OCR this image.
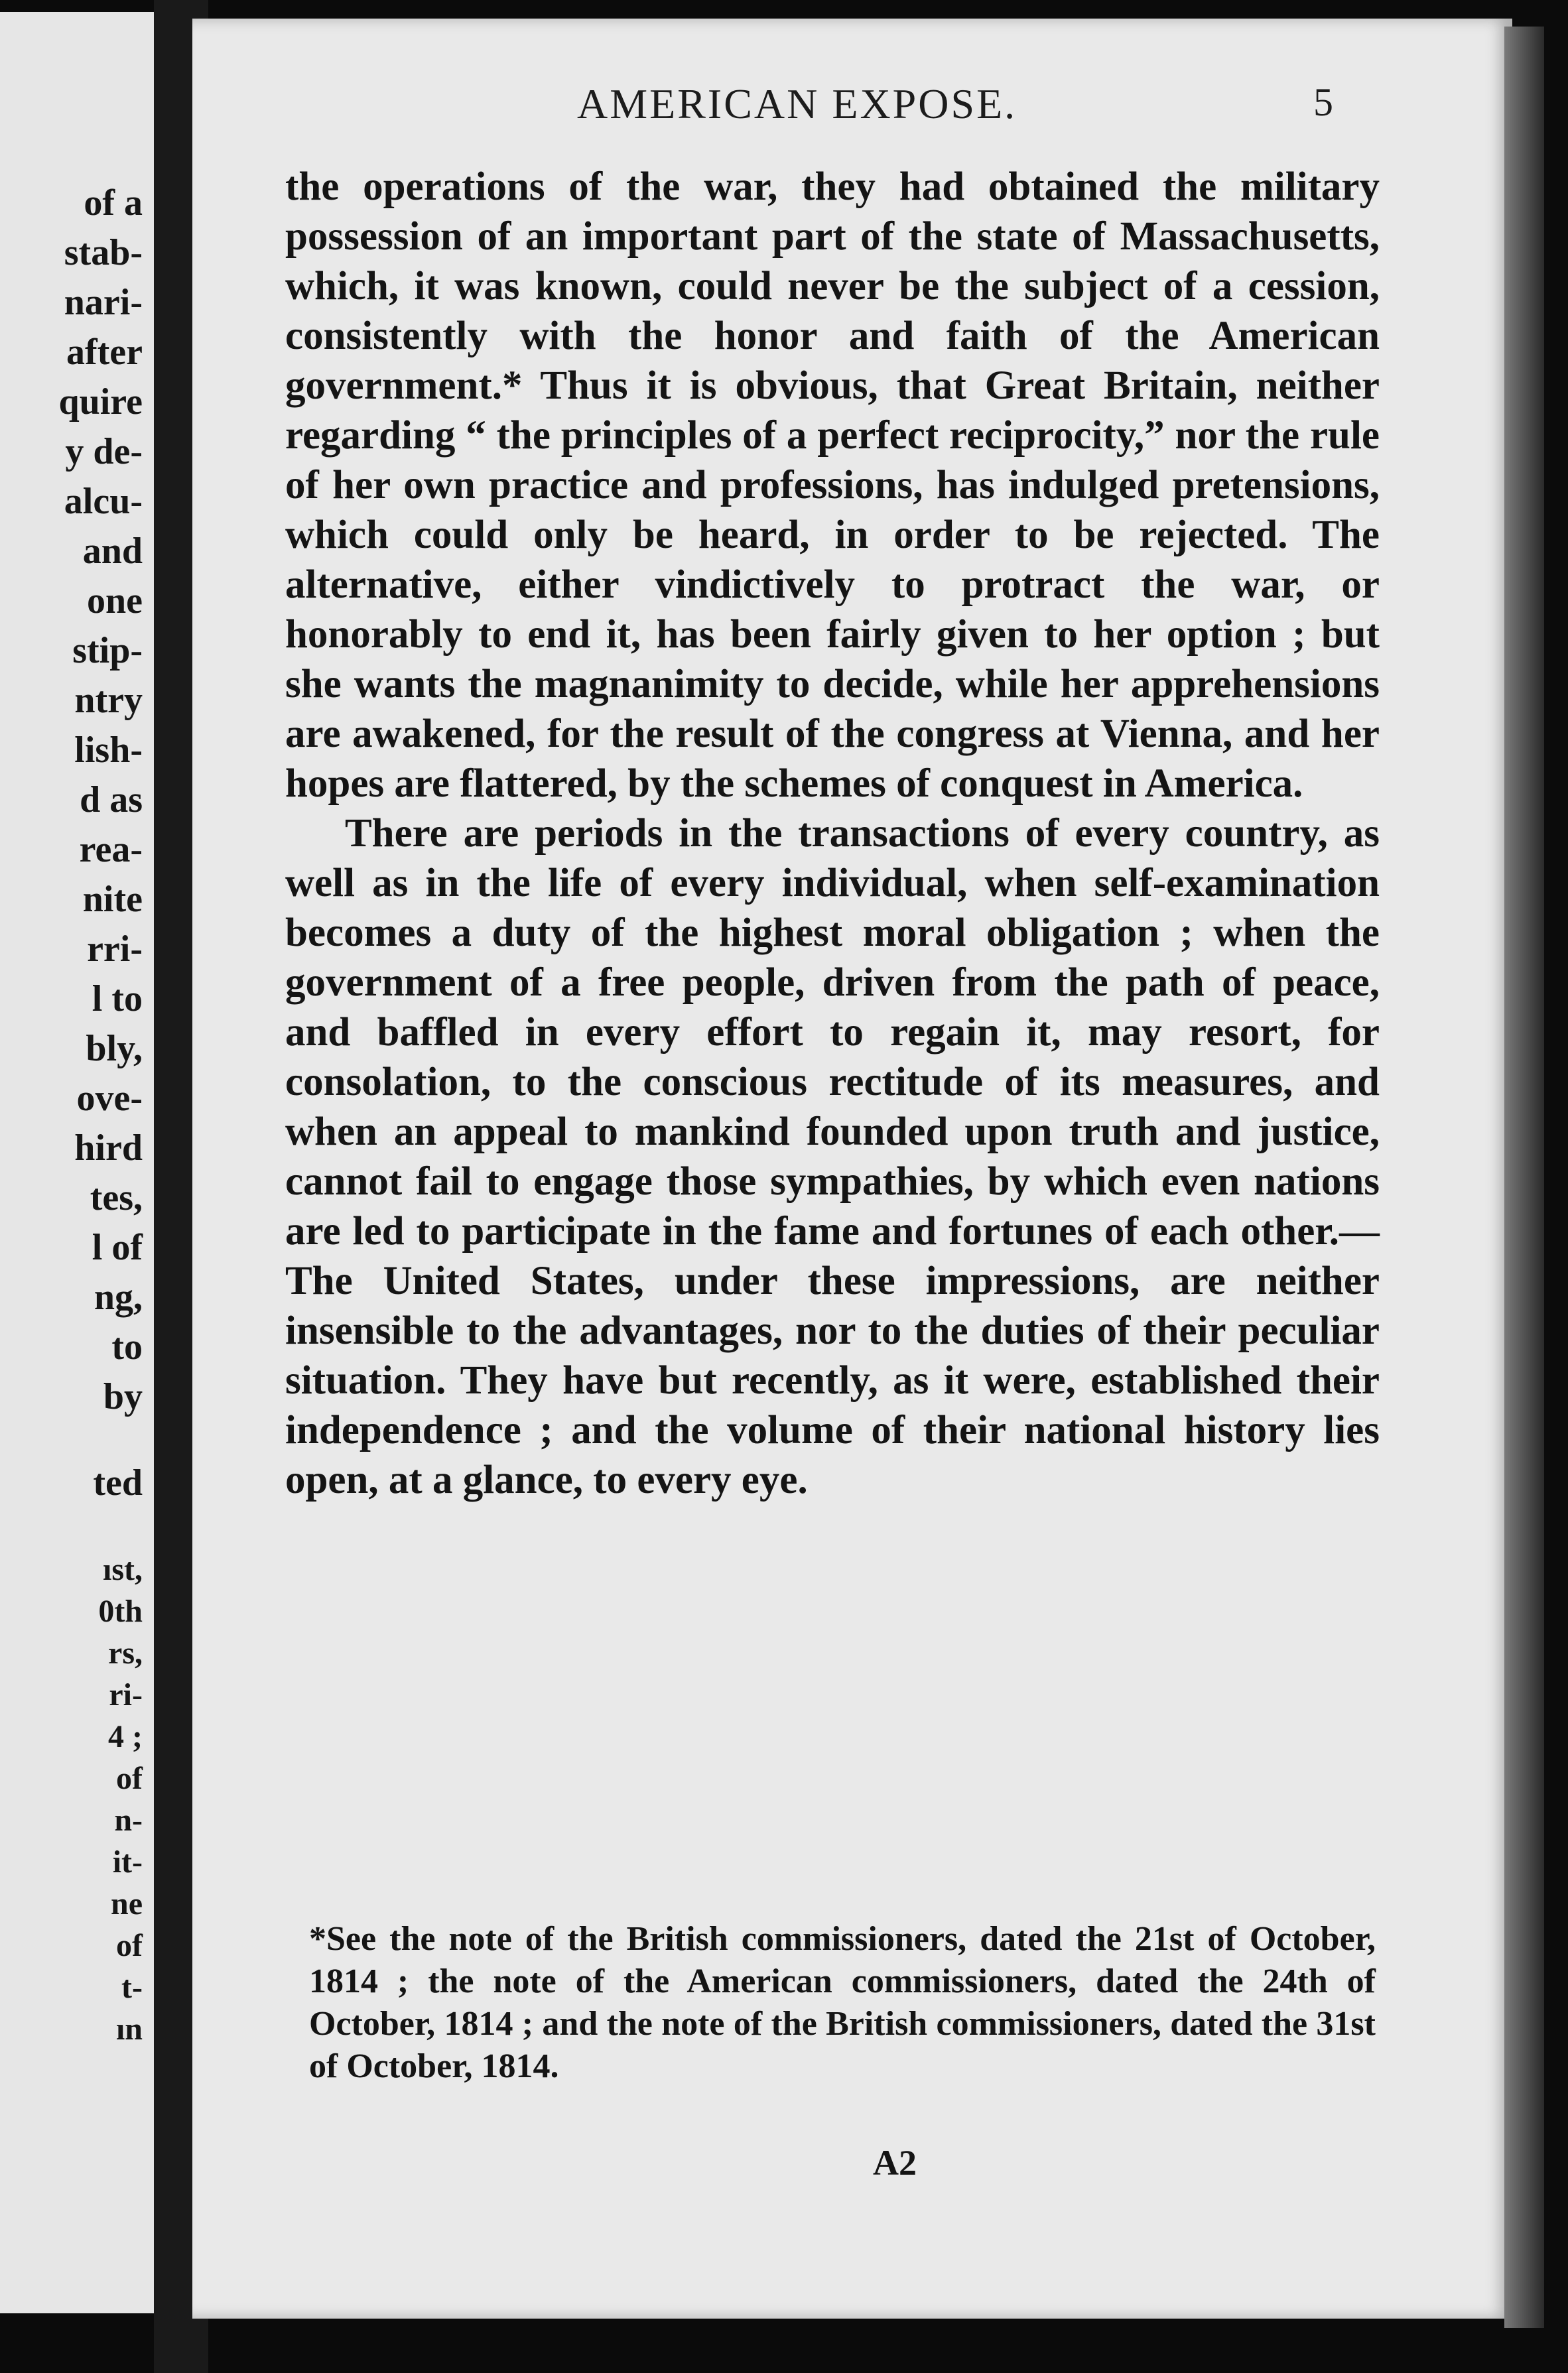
of a
stab-
nari-
after
quire
y de-
alcu-
and
one
stip-
ntry
lish-
d as
rea-
nite
rri-
l to
bly,
ove-
hird
tes,
l of
ng,
to
by
ted
ıst,
0th
rs,
ri-
4 ;
of
n-
it-
ne
of
t-
ın
AMERICAN EXPOSE.	5

the operations of the war, they had obtained the military possession of an important part of the state of Massachusetts, which, it was known, could never be the subject of a cession, consistently with the honor and faith of the American government.* Thus it is obvious, that Great Britain, neither regarding “ the principles of a perfect reciprocity,” nor the rule of her own practice and professions, has indulged pretensions, which could only be heard, in order to be rejected. The alternative, either vindictively to protract the war, or honorably to end it, has been fairly given to her option ; but she wants the magnanimity to decide, while her apprehensions are awakened, for the result of the congress at Vienna, and her hopes are flattered, by the schemes of conquest in America.

There are periods in the transactions of every country, as well as in the life of every individual, when self-examination becomes a duty of the highest moral obligation ; when the government of a free people, driven from the path of peace, and baffled in every effort to regain it, may resort, for consolation, to the conscious rectitude of its measures, and when an appeal to mankind founded upon truth and justice, cannot fail to engage those sympathies, by which even nations are led to participate in the fame and fortunes of each other.—The United States, under these impressions, are neither insensible to the advantages, nor to the duties of their peculiar situation. They have but recently, as it were, established their independence ; and the volume of their national history lies open, at a glance, to every eye.

*See the note of the British commissioners, dated the 21st of October, 1814 ; the note of the American commissioners, dated the 24th of October, 1814 ; and the note of the British commissioners, dated the 31st of October, 1814.
A2
